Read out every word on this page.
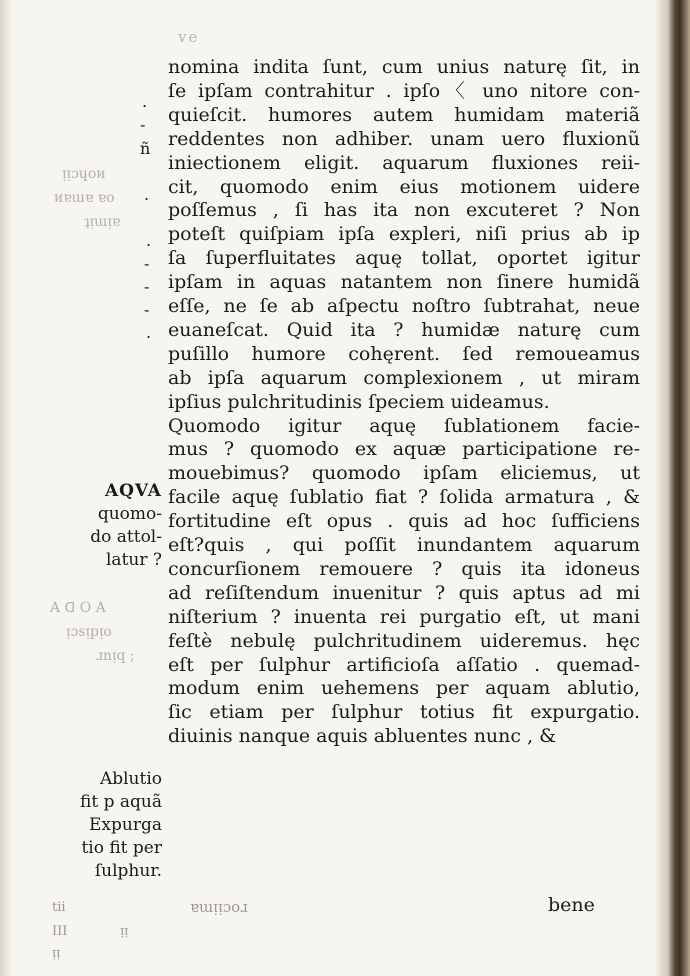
ve
ᴉᴉɔɥoᴎ
ᴎɐɯɐ ɐo
ʇᴉɯᴉɐ
A ᗡ O A
ᴉɔsᴉpᴉo
ɹnᴉq ;
nomina indita ſunt, cum unius naturę ſit, in
ſe ipſam contrahitur . ipſo〈 uno nitore con-
quieſcit. humores autem humidam materiã
reddentes non adhiber. unam uero fluxionũ
iniectionem eligit. aquarum fluxiones reii-
cit, quomodo enim eius motionem uidere
poſſemus , ſi has ita non excuteret ? Non
poteſt quiſpiam ipſa expleri, niſi prius ab ip
ſa ſuperfluitates aquę tollat, oportet igitur
ipſam in aquas natantem non ſinere humidã
eſſe, ne ſe ab aſpectu noſtro ſubtrahat, neue
euaneſcat. Quid ita ? humidæ naturę cum
puſillo humore cohęrent. ſed remoueamus
ab ipſa aquarum complexionem , ut miram
ipſius pulchritudinis ſpeciem uideamus.
Quomodo igitur aquę ſublationem facie-
mus ? quomodo ex aquæ participatione re-
mouebimus? quomodo ipſam eliciemus, ut
facile aquę ſublatio fiat ? ſolida armatura , &
fortitudine eſt opus . quis ad hoc ſufficiens
eſt?quis , qui poſſit inundantem aquarum
concurſionem remouere ? quis ita idoneus
ad reſiſtendum inuenitur ? quis aptus ad mi
niſterium ? inuenta rei purgatio eſt, ut mani
feſtè nebulę pulchritudinem uideremus. hęc
eſt per ſulphur artificioſa aſſatio . quemad-
modum enim uehemens per aquam ablutio,
ſic etiam per ſulphur totius fit expurgatio.
diuinis nanque aquis abluentes nunc , &
.
-
ñ
.
.
-
-
-
.
AQVA
quomo-
do attol-
latur ?
Ablutio
fit p aquã
Expurga
tio fit per
ſulphur.
bene
tii
III	ᴉᴉ
ᴉᴉ
ɐɯᴉᴉɔoɹ
